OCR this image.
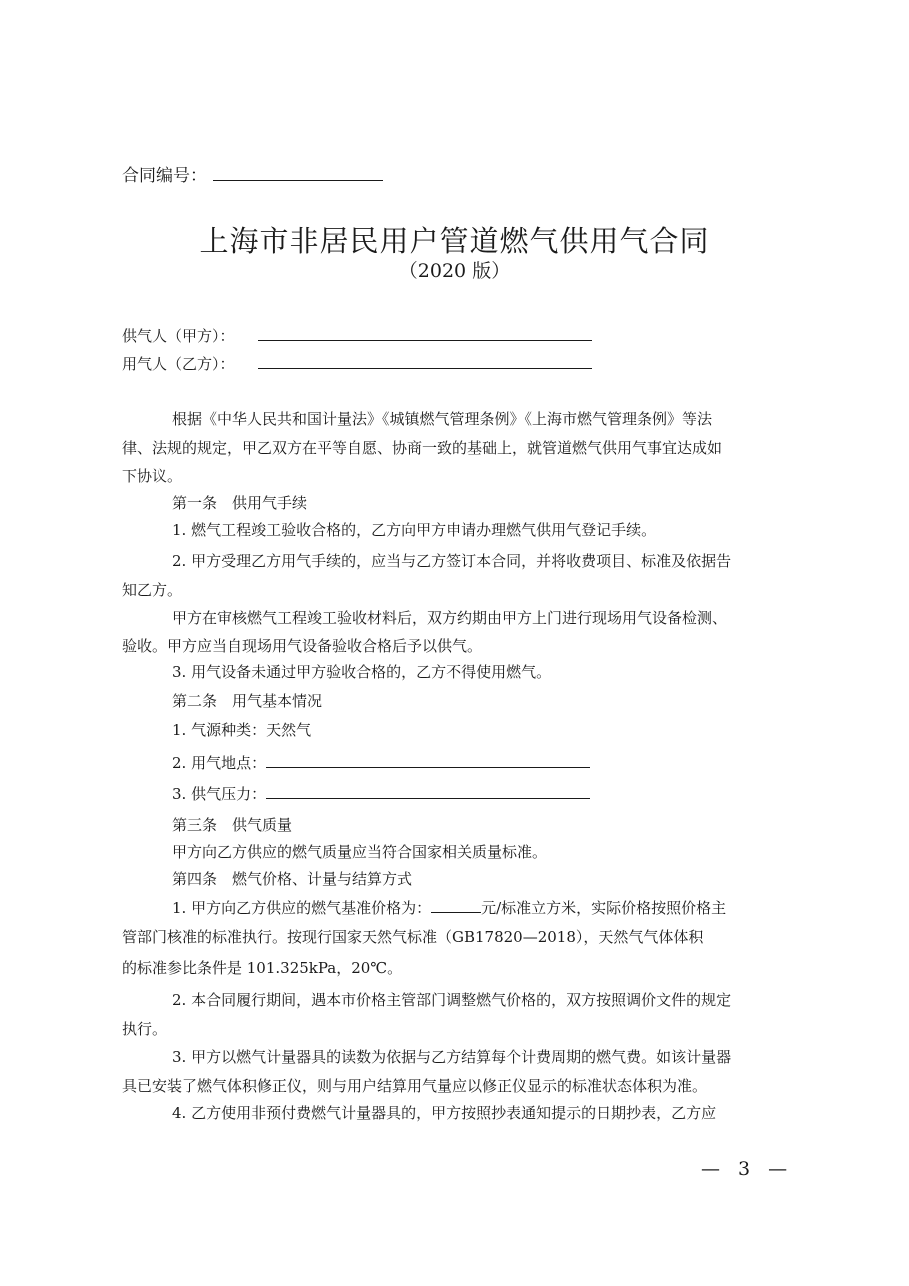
合同编号：

上海市非居民用户管道燃气供用气合同

（2020 版）

供气人（甲方）：

用气人（乙方）：

根据《中华人民共和国计量法》《城镇燃气管理条例》《上海市燃气管理条例》等法

律、法规的规定，甲乙双方在平等自愿、协商一致的基础上，就管道燃气供用气事宜达成如

下协议。

第一条　供用气手续

1. 燃气工程竣工验收合格的，乙方向甲方申请办理燃气供用气登记手续。

2. 甲方受理乙方用气手续的，应当与乙方签订本合同，并将收费项目、标准及依据告

知乙方。

甲方在审核燃气工程竣工验收材料后，双方约期由甲方上门进行现场用气设备检测、

验收。甲方应当自现场用气设备验收合格后予以供气。

3. 用气设备未通过甲方验收合格的，乙方不得使用燃气。

第二条　用气基本情况

1. 气源种类：天然气

2. 用气地点：

3. 供气压力：

第三条　供气质量

甲方向乙方供应的燃气质量应当符合国家相关质量标准。

第四条　燃气价格、计量与结算方式

1. 甲方向乙方供应的燃气基准价格为：	元/标准立方米，实际价格按照价格主

管部门核准的标准执行。按现行国家天然气标准（GB17820—2018），天然气气体体积

的标准参比条件是 101.325kPa，20℃。

2. 本合同履行期间，遇本市价格主管部门调整燃气价格的，双方按照调价文件的规定

执行。

3. 甲方以燃气计量器具的读数为依据与乙方结算每个计费周期的燃气费。如该计量器

具已安装了燃气体积修正仪，则与用户结算用气量应以修正仪显示的标准状态体积为准。

4. 乙方使用非预付费燃气计量器具的，甲方按照抄表通知提示的日期抄表，乙方应

— 3 —
